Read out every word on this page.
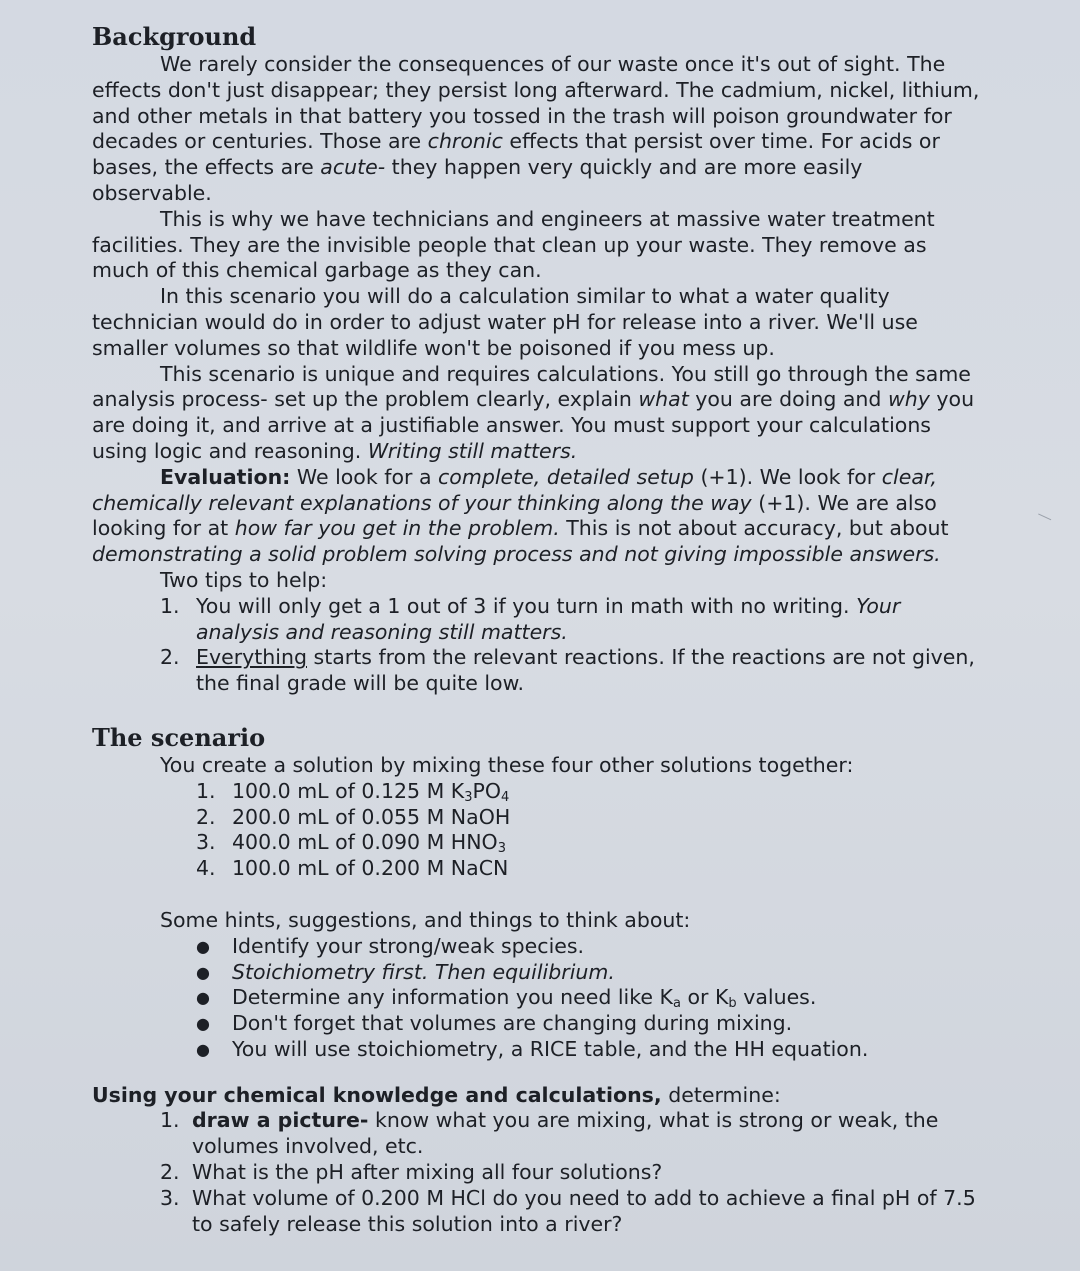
Background

We rarely consider the consequences of our waste once it's out of sight. The effects don't just disappear; they persist long afterward. The cadmium, nickel, lithium, and other metals in that battery you tossed in the trash will poison groundwater for decades or centuries. Those are chronic effects that persist over time. For acids or bases, the effects are acute- they happen very quickly and are more easily observable.

This is why we have technicians and engineers at massive water treatment facilities. They are the invisible people that clean up your waste. They remove as much of this chemical garbage as they can.

In this scenario you will do a calculation similar to what a water quality technician would do in order to adjust water pH for release into a river. We'll use smaller volumes so that wildlife won't be poisoned if you mess up.

This scenario is unique and requires calculations. You still go through the same analysis process- set up the problem clearly, explain what you are doing and why you are doing it, and arrive at a justifiable answer. You must support your calculations using logic and reasoning. Writing still matters.

Evaluation: We look for a complete, detailed setup (+1). We look for clear, chemically relevant explanations of your thinking along the way (+1). We are also looking for at how far you get in the problem. This is not about accuracy, but about demonstrating a solid problem solving process and not giving impossible answers.

Two tips to help:

1. You will only get a 1 out of 3 if you turn in math with no writing. Your analysis and reasoning still matters.
2. Everything starts from the relevant reactions. If the reactions are not given, the final grade will be quite low.
The scenario

You create a solution by mixing these four other solutions together:

1. 100.0 mL of 0.125 M $K_3PO_4$
2. 200.0 mL of 0.055 M NaOH
3. 400.0 mL of 0.090 M $HNO_3$
4. 100.0 mL of 0.200 M NaCN

Some hints, suggestions, and things to think about:

●	Identify your strong/weak species.
●	Stoichiometry first. Then equilibrium.
●	Determine any information you need like $K_a$ or $K_b$ values.
●	Don't forget that volumes are changing during mixing.
●	You will use stoichiometry, a RICE table, and the HH equation.

Using your chemical knowledge and calculations, determine:

1. draw a picture- know what you are mixing, what is strong or weak, the volumes involved, etc.
2. What is the pH after mixing all four solutions?
3. What volume of 0.200 M HCl do you need to add to achieve a final pH of 7.5 to safely release this solution into a river?
